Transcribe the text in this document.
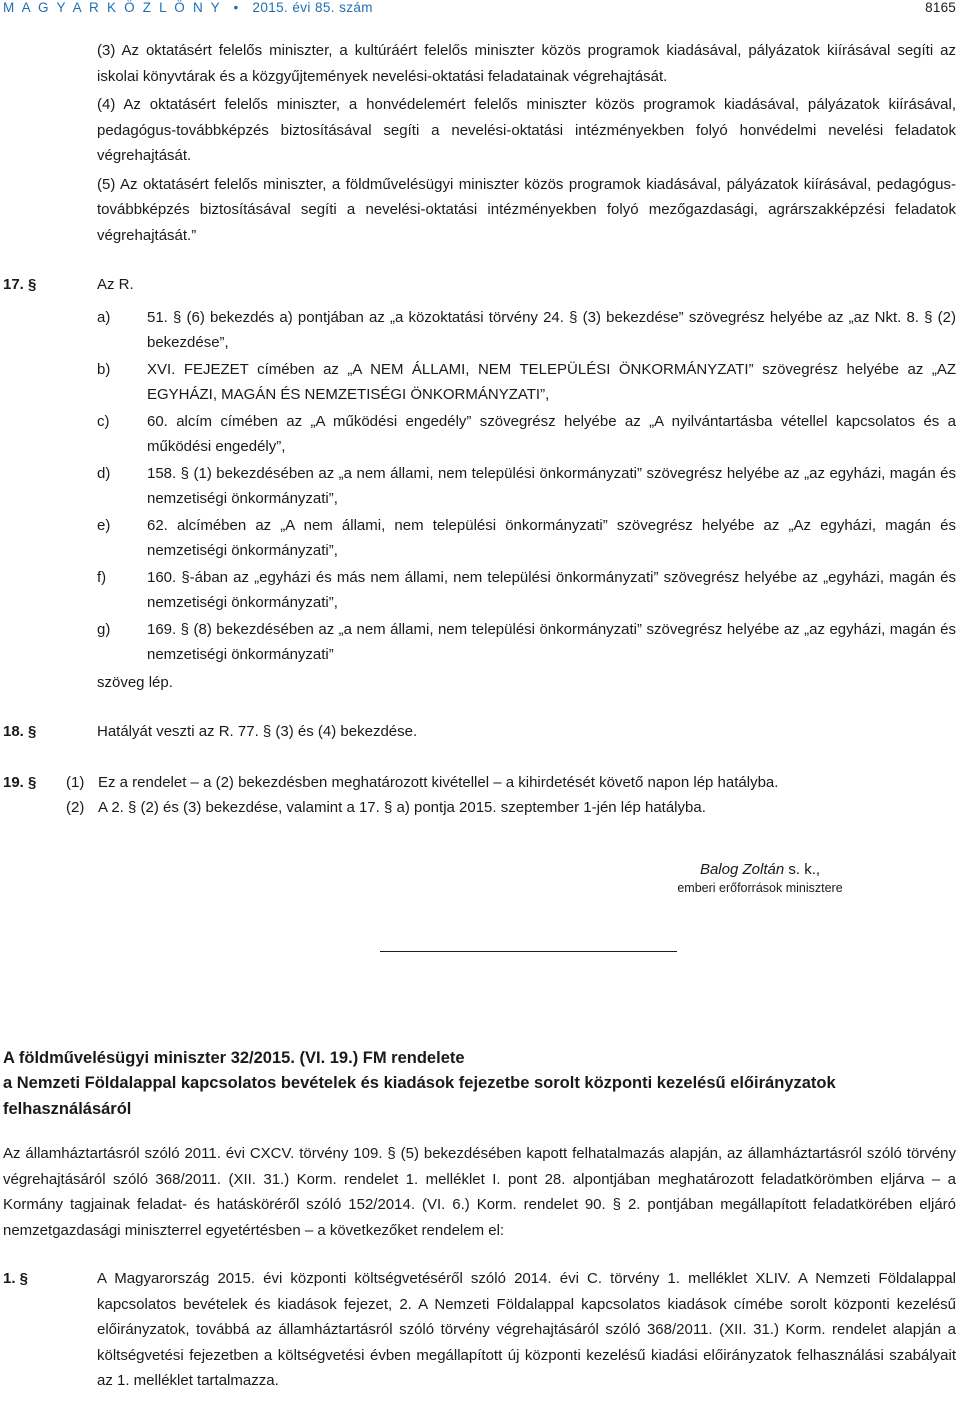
M A G Y A R K Ö Z L Ö N Y • 2015. évi 85. szám	8165

(3) Az oktatásért felelős miniszter, a kultúráért felelős miniszter közös programok kiadásával, pályázatok kiírásával segíti az iskolai könyvtárak és a közgyűjtemények nevelési-oktatási feladatainak végrehajtását.

(4) Az oktatásért felelős miniszter, a honvédelemért felelős miniszter közös programok kiadásával, pályázatok kiírásával, pedagógus-továbbképzés biztosításával segíti a nevelési-oktatási intézményekben folyó honvédelmi nevelési feladatok végrehajtását.

(5) Az oktatásért felelős miniszter, a földművelésügyi miniszter közös programok kiadásával, pályázatok kiírásával, pedagógus-továbbképzés biztosításával segíti a nevelési-oktatási intézményekben folyó mezőgazdasági, agrárszakképzési feladatok végrehajtását.”

17. §	Az R.
a)	51. § (6) bekezdés a) pontjában az „a közoktatási törvény 24. § (3) bekezdése” szövegrész helyébe az „az Nkt. 8. § (2) bekezdése”,
b)	XVI. FEJEZET címében az „A NEM ÁLLAMI, NEM TELEPÜLÉSI ÖNKORMÁNYZATI” szövegrész helyébe az „AZ EGYHÁZI, MAGÁN ÉS NEMZETISÉGI ÖNKORMÁNYZATI”,
c)	60. alcím címében az „A működési engedély” szövegrész helyébe az „A nyilvántartásba vétellel kapcsolatos és a működési engedély”,
d)	158. § (1) bekezdésében az „a nem állami, nem települési önkormányzati” szövegrész helyébe az „az egyházi, magán és nemzetiségi önkormányzati”,
e)	62. alcímében az „A nem állami, nem települési önkormányzati” szövegrész helyébe az „Az egyházi, magán és nemzetiségi önkormányzati”,
f)	160. §-ában az „egyházi és más nem állami, nem települési önkormányzati” szövegrész helyébe az „egyházi, magán és nemzetiségi önkormányzati”,
g)	169. § (8) bekezdésében az „a nem állami, nem települési önkormányzati” szövegrész helyébe az „az egyházi, magán és nemzetiségi önkormányzati”
szöveg lép.
18. §	Hatályát veszti az R. 77. § (3) és (4) bekezdése.
19. §	(1) Ez a rendelet – a (2) bekezdésben meghatározott kivétellel – a kihirdetését követő napon lép hatályba.
(2) A 2. § (2) és (3) bekezdése, valamint a 17. § a) pontja 2015. szeptember 1-jén lép hatályba.
Balog Zoltán s. k.,
emberi erőforrások minisztere
A földművelésügyi miniszter 32/2015. (VI. 19.) FM rendelete
a Nemzeti Földalappal kapcsolatos bevételek és kiadások fejezetbe sorolt központi kezelésű előirányzatok felhasználásáról

Az államháztartásról szóló 2011. évi CXCV. törvény 109. § (5) bekezdésében kapott felhatalmazás alapján, az államháztartásról szóló törvény végrehajtásáról szóló 368/2011. (XII. 31.) Korm. rendelet 1. melléklet I. pont 28. alpontjában meghatározott feladatkörömben eljárva – a Kormány tagjainak feladat- és hatásköréről szóló 152/2014. (VI. 6.) Korm. rendelet 90. § 2. pontjában megállapított feladatkörében eljáró nemzetgazdasági miniszterrel egyetértésben – a következőket rendelem el:

1. §	A Magyarország 2015. évi központi költségvetéséről szóló 2014. évi C. törvény 1. melléklet XLIV. A Nemzeti Földalappal kapcsolatos bevételek és kiadások fejezet, 2. A Nemzeti Földalappal kapcsolatos kiadások címébe sorolt központi kezelésű előirányzatok, továbbá az államháztartásról szóló törvény végrehajtásáról szóló 368/2011. (XII. 31.) Korm. rendelet alapján a költségvetési fejezetben a költségvetési évben megállapított új központi kezelésű kiadási előirányzatok felhasználási szabályait az 1. melléklet tartalmazza.
